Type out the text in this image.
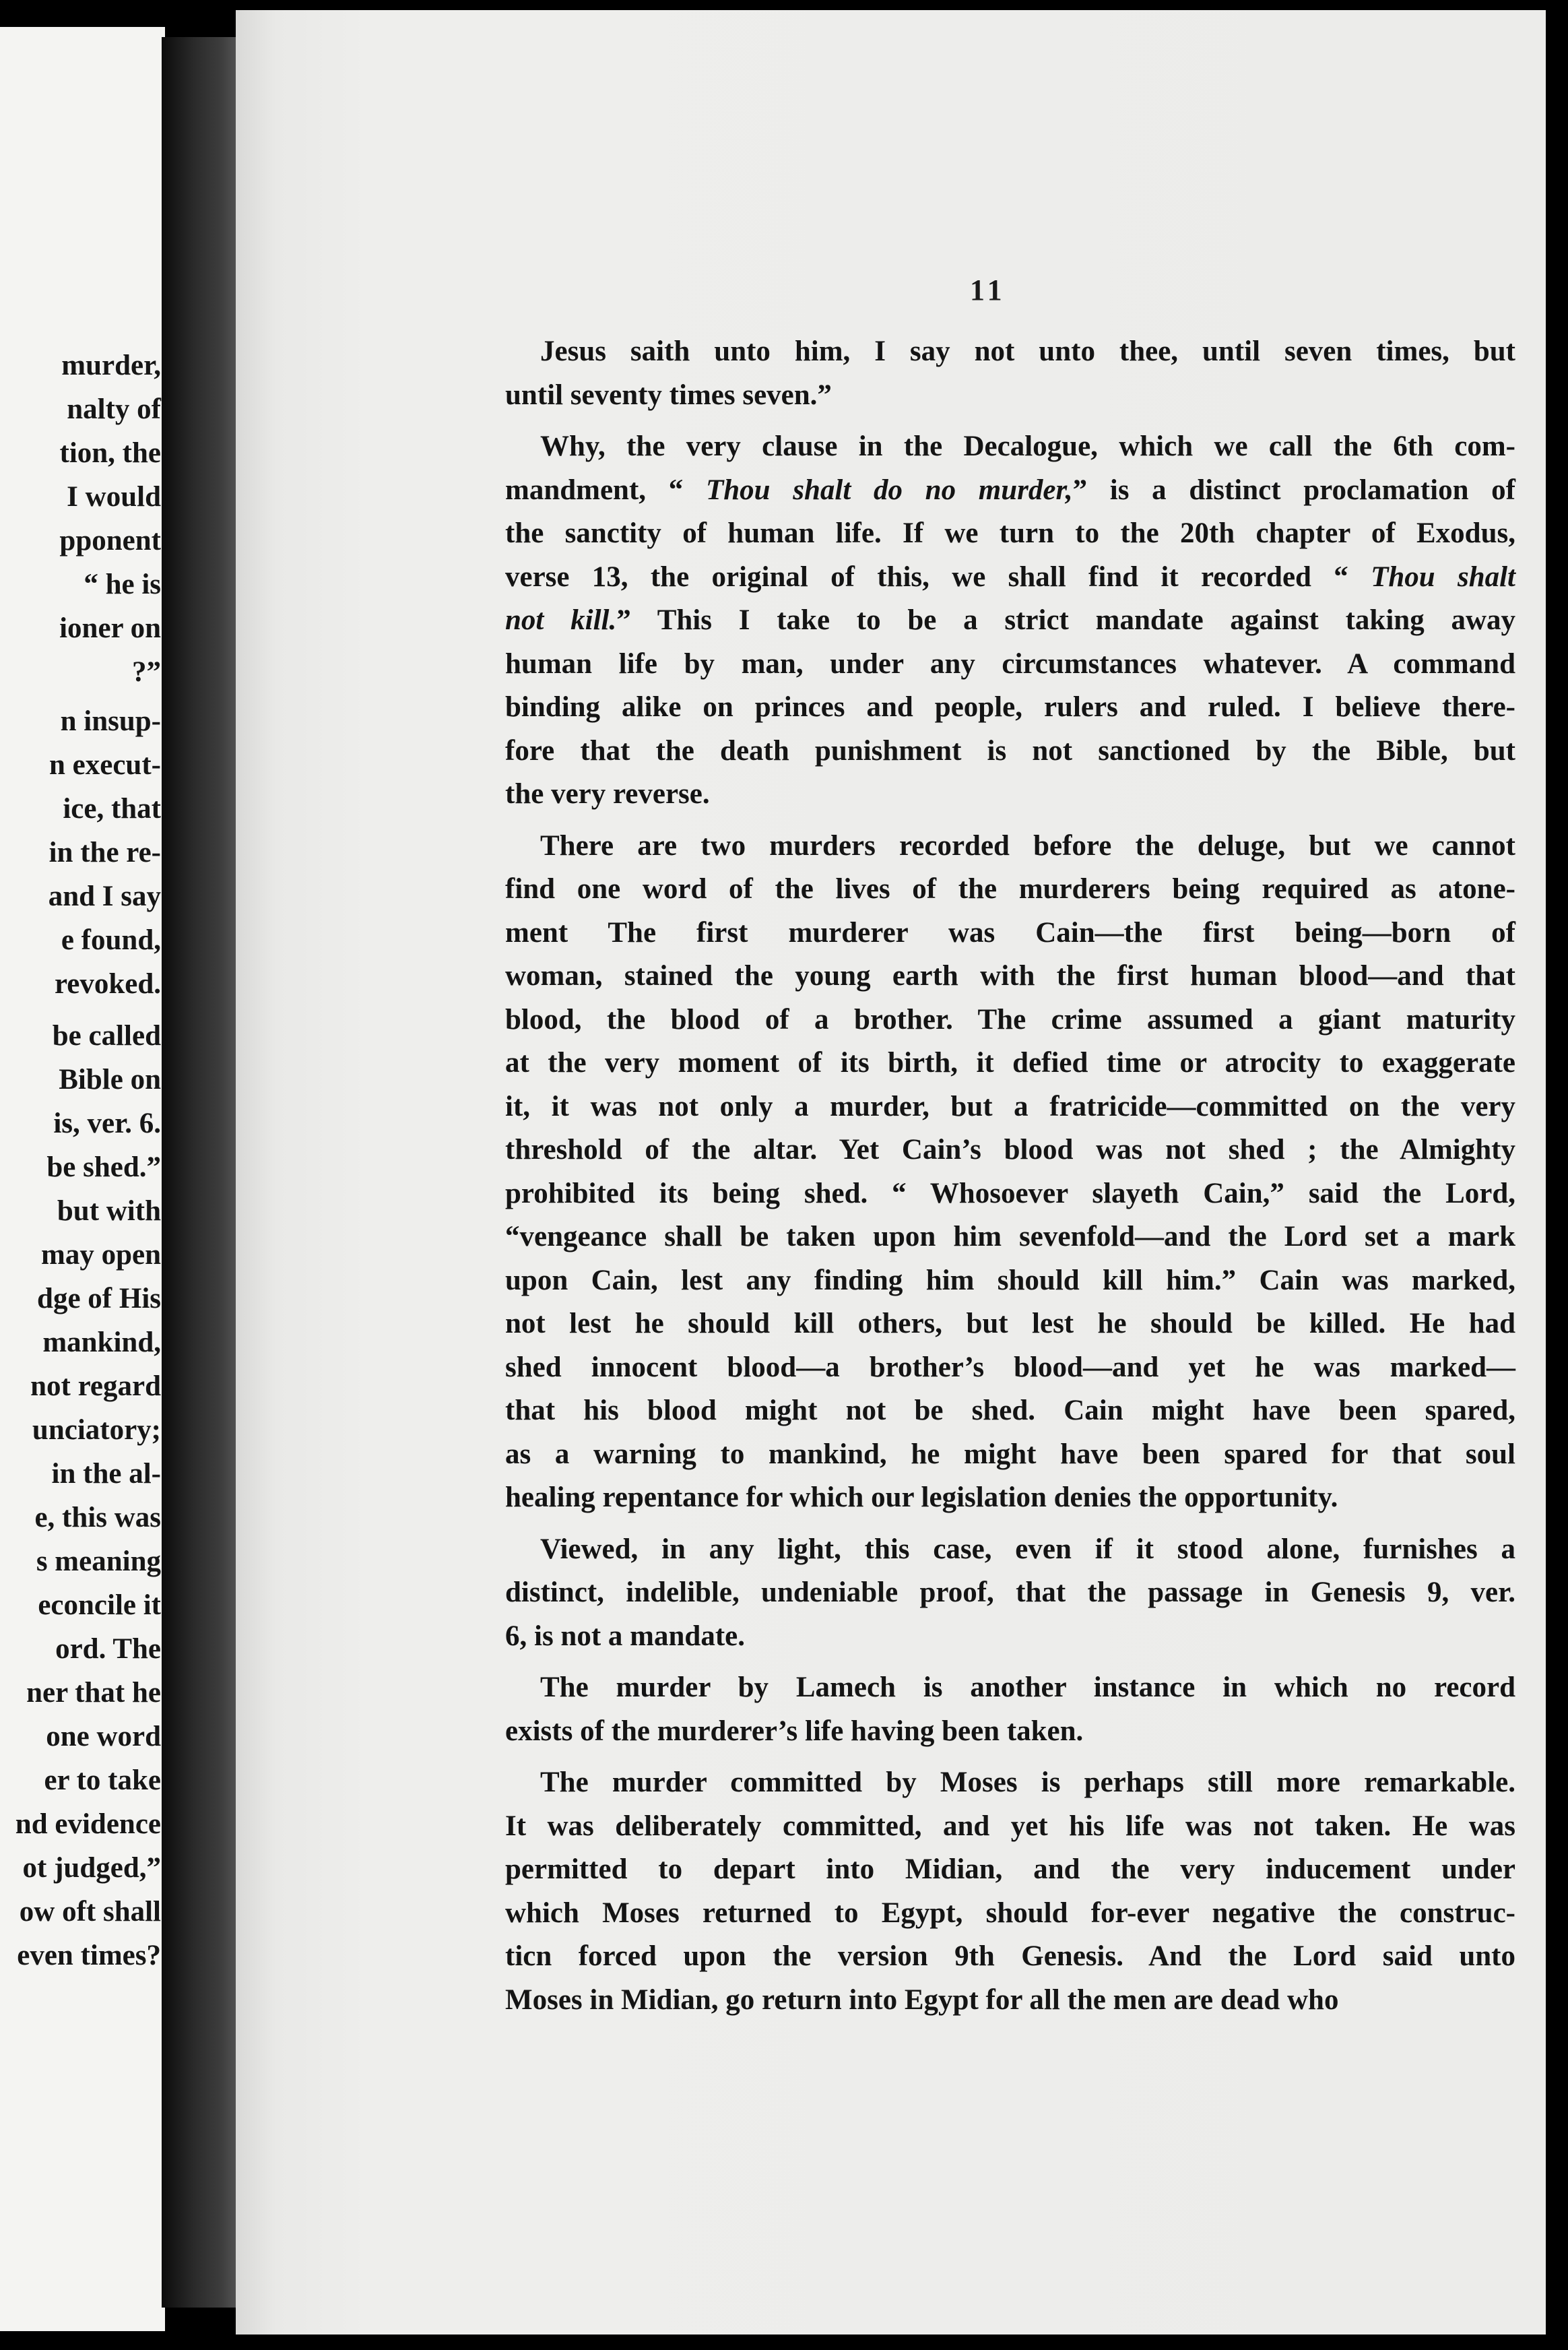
murder,
nalty of
tion, the
I would
pponent
“ he is
ioner on
?”
n insup-
n execut-
ice, that
in the re-
and I say
e found,
revoked.
be called
Bible on
is, ver. 6.
be shed.”
but with
may open
dge of His
mankind,
not regard
unciatory;
in the al-
e, this was
s meaning
econcile it
ord. The
ner that he
one word
er to take
nd evidence
ot judged,”
ow oft shall
even times?
11
Jesus saith unto him, I say not unto thee, until seven times, but
until seventy times seven.”
Why, the very clause in the Decalogue, which we call the 6th com-
mandment, “ Thou shalt do no murder,” is a distinct proclamation of
the sanctity of human life. If we turn to the 20th chapter of Exodus,
verse 13, the original of this, we shall find it recorded “ Thou shalt
not kill.” This I take to be a strict mandate against taking away
human life by man, under any circumstances whatever. A command
binding alike on princes and people, rulers and ruled. I believe there-
fore that the death punishment is not sanctioned by the Bible, but
the very reverse.
There are two murders recorded before the deluge, but we cannot
find one word of the lives of the murderers being required as atone-
ment The first murderer was Cain—the first being—born of
woman, stained the young earth with the first human blood—and that
blood, the blood of a brother. The crime assumed a giant maturity
at the very moment of its birth, it defied time or atrocity to exaggerate
it, it was not only a murder, but a fratricide—committed on the very
threshold of the altar. Yet Cain’s blood was not shed ; the Almighty
prohibited its being shed. “ Whosoever slayeth Cain,” said the Lord,
“vengeance shall be taken upon him sevenfold—and the Lord set a mark
upon Cain, lest any finding him should kill him.” Cain was marked,
not lest he should kill others, but lest he should be killed. He had
shed innocent blood—a brother’s blood—and yet he was marked—
that his blood might not be shed. Cain might have been spared,
as a warning to mankind, he might have been spared for that soul
healing repentance for which our legislation denies the opportunity.
Viewed, in any light, this case, even if it stood alone, furnishes a
distinct, indelible, undeniable proof, that the passage in Genesis 9, ver.
6, is not a mandate.
The murder by Lamech is another instance in which no record
exists of the murderer’s life having been taken.
The murder committed by Moses is perhaps still more remarkable.
It was deliberately committed, and yet his life was not taken. He was
permitted to depart into Midian, and the very inducement under
which Moses returned to Egypt, should for-ever negative the construc-
ticn forced upon the version 9th Genesis. And the Lord said unto
Moses in Midian, go return into Egypt for all the men are dead who
